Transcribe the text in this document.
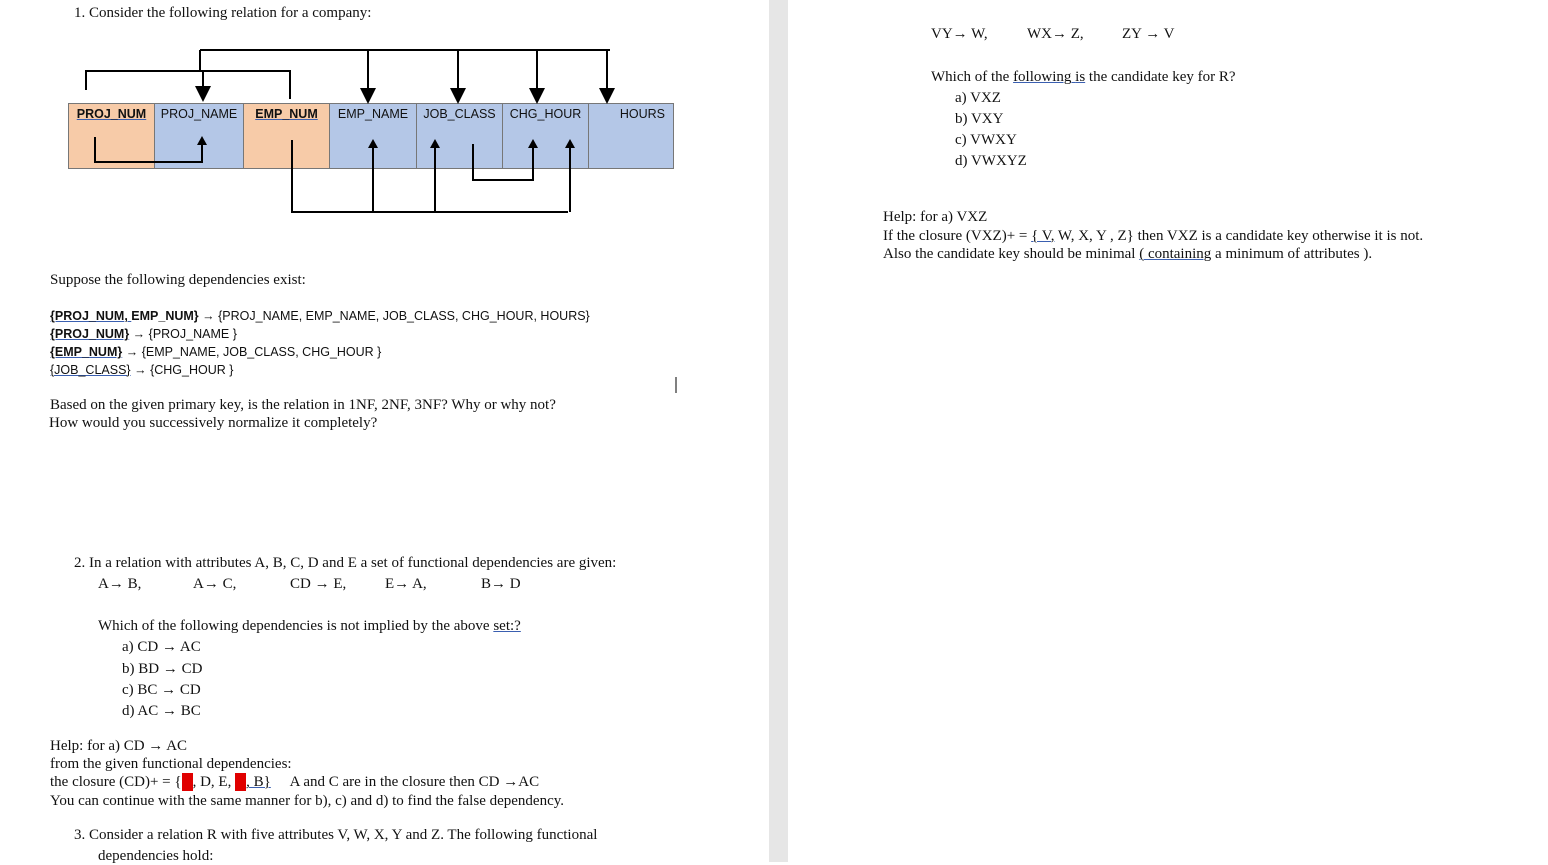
1. Consider the following relation for a company:
PROJ_NUM	PROJ_NAME	EMP_NUM	EMP_NAME	JOB_CLASS	CHG_HOUR	HOURS
Suppose the following dependencies exist:
{PROJ_NUM, EMP_NUM} → {PROJ_NAME, EMP_NAME, JOB_CLASS, CHG_HOUR, HOURS}
{PROJ_NUM} → {PROJ_NAME }
{EMP_NUM} → {EMP_NAME, JOB_CLASS, CHG_HOUR }
{JOB_CLASS} → {CHG_HOUR }
Based on the given primary key, is the relation in 1NF, 2NF, 3NF? Why or why not?
How would you successively normalize it completely?
2. In a relation with attributes A, B, C, D and E a set of functional dependencies are given:
A→ B,	A→ C,	CD → E,	E→ A,	B→ D
Which of the following dependencies is not implied by the above set:?
a) CD → AC
b) BD → CD
c) BC → CD
d) AC → BC
Help: for a) CD → AC
from the given functional dependencies:
the closure (CD)+ = {C, D, E, A, B} A and C are in the closure then CD →AC
You can continue with the same manner for b), c) and d) to find the false dependency.
3. Consider a relation R with five attributes V, W, X, Y and Z. The following functional
dependencies hold:
VY→ W,	WX→ Z,	ZY → V
Which of the following is the candidate key for R?
a) VXZ
b) VXY
c) VWXY
d) VWXYZ
Help: for a) VXZ
If the closure (VXZ)+ = { V, W, X, Y , Z} then VXZ is a candidate key otherwise it is not.
Also the candidate key should be minimal ( containing a minimum of attributes ).
